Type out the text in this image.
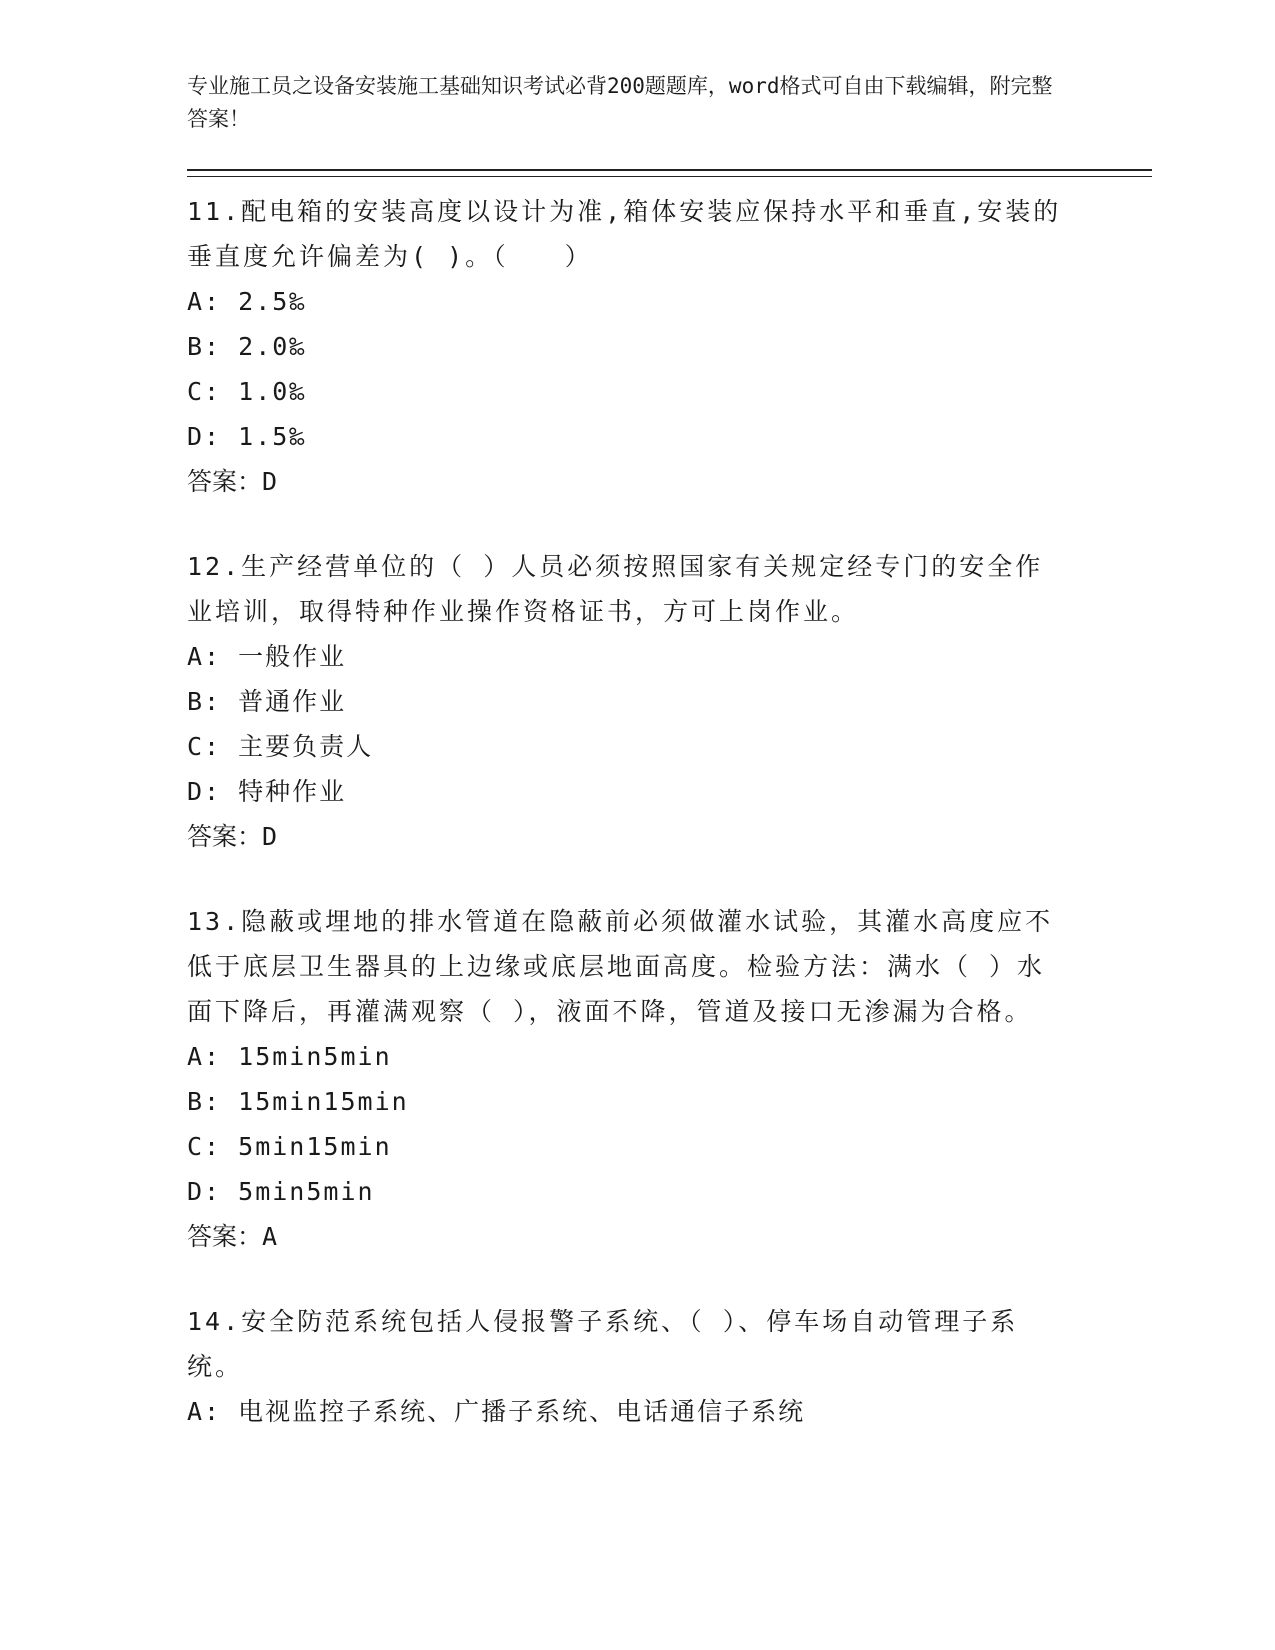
专业施工员之设备安装施工基础知识考试必背200题题库，word格式可自由下载编辑，附完整答案！
11.配电箱的安装高度以设计为准,箱体安装应保持水平和垂直,安装的垂直度允许偏差为( )。（　　）
A: 2.5‰
B: 2.0‰
C: 1.0‰
D: 1.5‰
答案：D
12.生产经营单位的（ ）人员必须按照国家有关规定经专门的安全作业培训，取得特种作业操作资格证书，方可上岗作业。
A: 一般作业
B: 普通作业
C: 主要负责人
D: 特种作业
答案：D
13.隐蔽或埋地的排水管道在隐蔽前必须做灌水试验，其灌水高度应不低于底层卫生器具的上边缘或底层地面高度。检验方法：满水（ ）水面下降后，再灌满观察（ ），液面不降，管道及接口无渗漏为合格。
A: 15min5min
B: 15min15min
C: 5min15min
D: 5min5min
答案：A
14.安全防范系统包括人侵报警子系统、（ ）、停车场自动管理子系统。
A: 电视监控子系统、广播子系统、电话通信子系统
